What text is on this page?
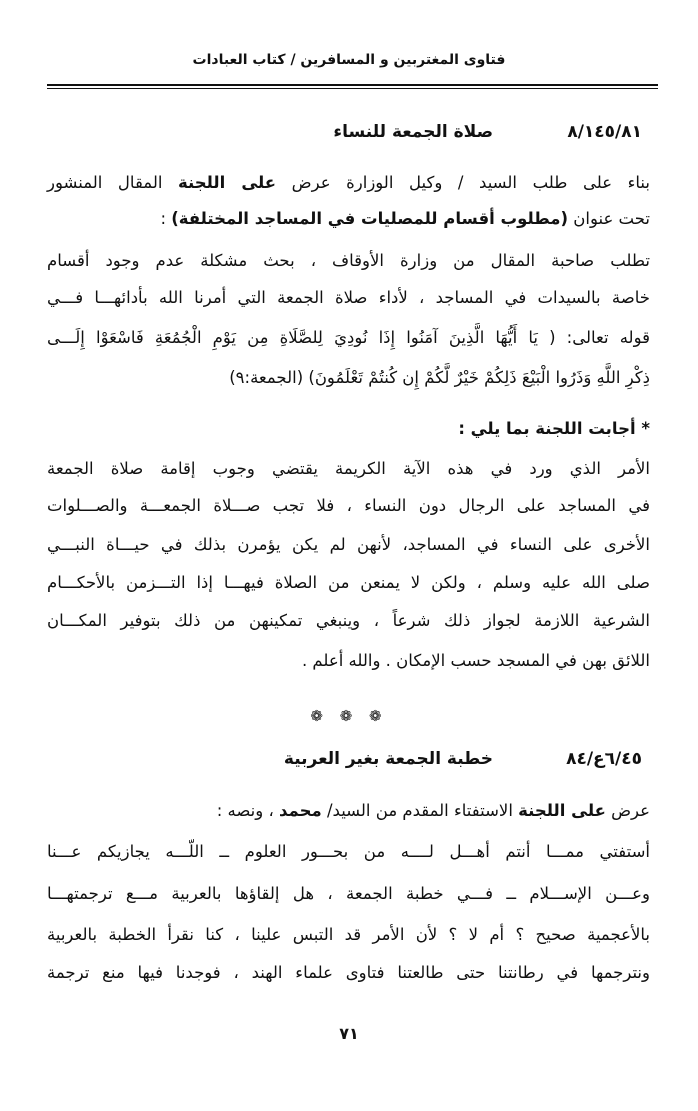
فتاوى المغتربين و المسافرين / كتاب العبادات
٨/١٤٥/٨١
صلاة الجمعة للنساء
بناء على طلب السيد / وكيل الوزارة عرض على اللجنة المقال المنشور
تحت عنوان (مطلوب أقسام للمصليات في المساجد المختلفة) :
تطلب صاحبة المقال من وزارة الأوقاف ، بحث مشكلة عدم وجود أقسام
خاصة بالسيدات في المساجد ، لأداء صلاة الجمعة التي أمرنا الله بأدائهـــا فـــي
قوله تعالى: ( يَا أَيُّهَا الَّذِينَ آمَنُوا إِذَا نُودِيَ لِلصَّلَاةِ مِن يَوْمِ الْجُمُعَةِ فَاسْعَوْا إِلَـــى
ذِكْرِ اللَّهِ وَذَرُوا الْبَيْعَ ذَلِكُمْ خَيْرٌ لَّكُمْ إِن كُنتُمْ تَعْلَمُونَ) (الجمعة:٩)
* أجابت اللجنة بما يلي :
الأمر الذي ورد في هذه الآية الكريمة يقتضي وجوب إقامة صلاة الجمعة
في المساجد على الرجال دون النساء ، فلا تجب صـــلاة الجمعـــة والصـــلوات
الأخرى على النساء في المساجد، لأنهن لم يكن يؤمرن بذلك في حيـــاة النبـــي
صلى الله عليه وسلم ، ولكن لا يمنعن من الصلاة فيهـــا إذا التـــزمن بالأحكـــام
الشرعية اللازمة لجواز ذلك شرعاً ، وينبغي تمكينهن من ذلك بتوفير المكـــان
اللائق بهن في المسجد حسب الإمكان . والله أعلم .
❁ ❁ ❁
٦/٤٥ع/٨٤
خطبة الجمعة بغير العربية
عرض على اللجنة الاستفتاء المقدم من السيد/ محمد ، ونصه :
أستفتي ممـــا أنتم أهـــل لــــه من بحـــور العلوم ــ اللّـــه يجازيكم عـــنا
وعـــن الإســـلام ــ فـــي خطبة الجمعة ، هل إلقاؤها بالعربية مـــع ترجمتهـــا
بالأعجمية صحيح ؟ أم لا ؟ لأن الأمر قد التبس علينا ، كنا نقرأ الخطبة بالعربية
ونترجمها في رطانتنا حتى طالعتنا فتاوى علماء الهند ، فوجدنا فيها منع ترجمة
٧١
